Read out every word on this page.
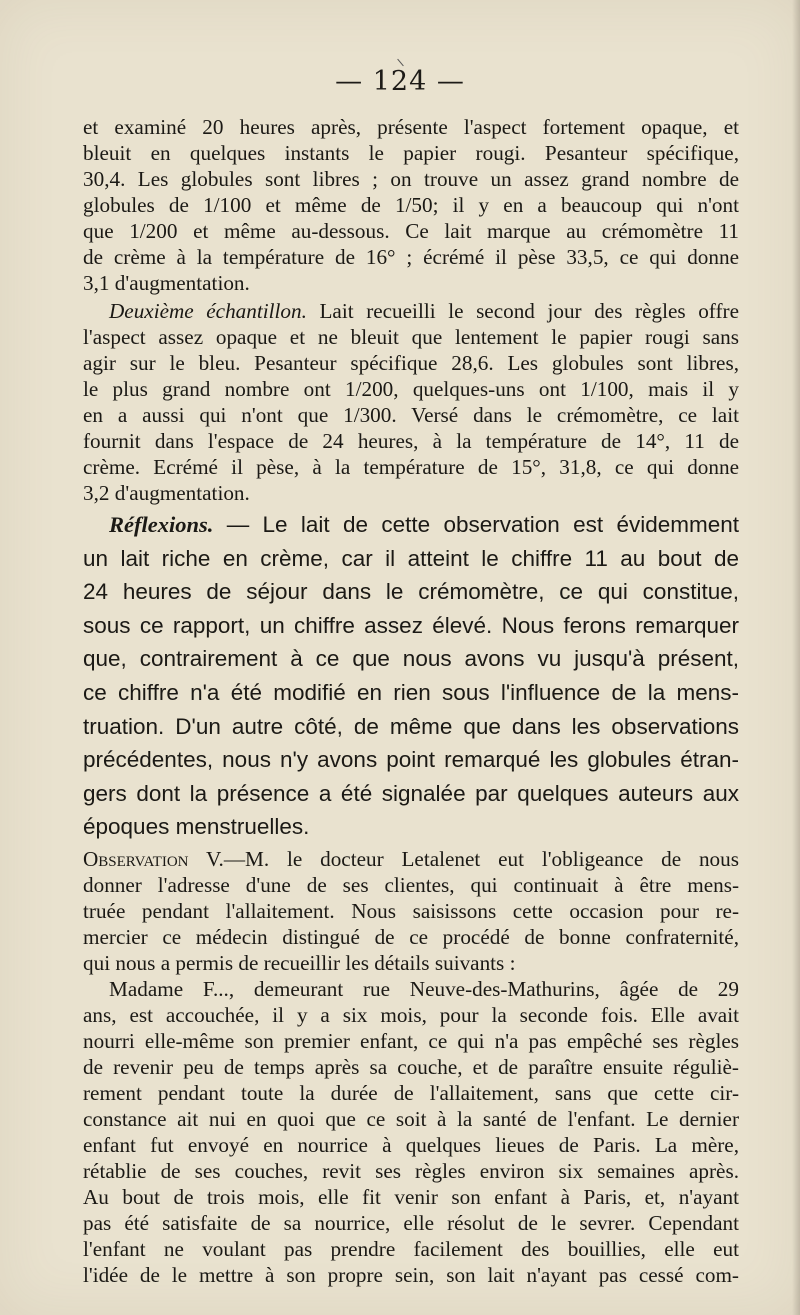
— 124 —
et examiné 20 heures après, présente l'aspect fortement opaque, et
bleuit en quelques instants le papier rougi. Pesanteur spécifique,
30,4. Les globules sont libres ; on trouve un assez grand nombre de
globules de 1/100 et même de 1/50; il y en a beaucoup qui n'ont
que 1/200 et même au-dessous. Ce lait marque au crémomètre 11
de crème à la température de 16° ; écrémé il pèse 33,5, ce qui donne
3,1 d'augmentation.
Deuxième échantillon. Lait recueilli le second jour des règles offre
l'aspect assez opaque et ne bleuit que lentement le papier rougi sans
agir sur le bleu. Pesanteur spécifique 28,6. Les globules sont libres,
le plus grand nombre ont 1/200, quelques-uns ont 1/100, mais il y
en a aussi qui n'ont que 1/300. Versé dans le crémomètre, ce lait
fournit dans l'espace de 24 heures, à la température de 14°, 11 de
crème. Ecrémé il pèse, à la température de 15°, 31,8, ce qui donne
3,2 d'augmentation.
Réflexions. — Le lait de cette observation est évidemment
un lait riche en crème, car il atteint le chiffre 11 au bout de
24 heures de séjour dans le crémomètre, ce qui constitue,
sous ce rapport, un chiffre assez élevé. Nous ferons remarquer
que, contrairement à ce que nous avons vu jusqu'à présent,
ce chiffre n'a été modifié en rien sous l'influence de la mens-
truation. D'un autre côté, de même que dans les observations
précédentes, nous n'y avons point remarqué les globules étran-
gers dont la présence a été signalée par quelques auteurs aux
époques menstruelles.
Observation V.—M. le docteur Letalenet eut l'obligeance de nous
donner l'adresse d'une de ses clientes, qui continuait à être mens-
truée pendant l'allaitement. Nous saisissons cette occasion pour re-
mercier ce médecin distingué de ce procédé de bonne confraternité,
qui nous a permis de recueillir les détails suivants :
Madame F..., demeurant rue Neuve-des-Mathurins, âgée de 29
ans, est accouchée, il y a six mois, pour la seconde fois. Elle avait
nourri elle-même son premier enfant, ce qui n'a pas empêché ses règles
de revenir peu de temps après sa couche, et de paraître ensuite réguliè-
rement pendant toute la durée de l'allaitement, sans que cette cir-
constance ait nui en quoi que ce soit à la santé de l'enfant. Le dernier
enfant fut envoyé en nourrice à quelques lieues de Paris. La mère,
rétablie de ses couches, revit ses règles environ six semaines après.
Au bout de trois mois, elle fit venir son enfant à Paris, et, n'ayant
pas été satisfaite de sa nourrice, elle résolut de le sevrer. Cependant
l'enfant ne voulant pas prendre facilement des bouillies, elle eut
l'idée de le mettre à son propre sein, son lait n'ayant pas cessé com-
